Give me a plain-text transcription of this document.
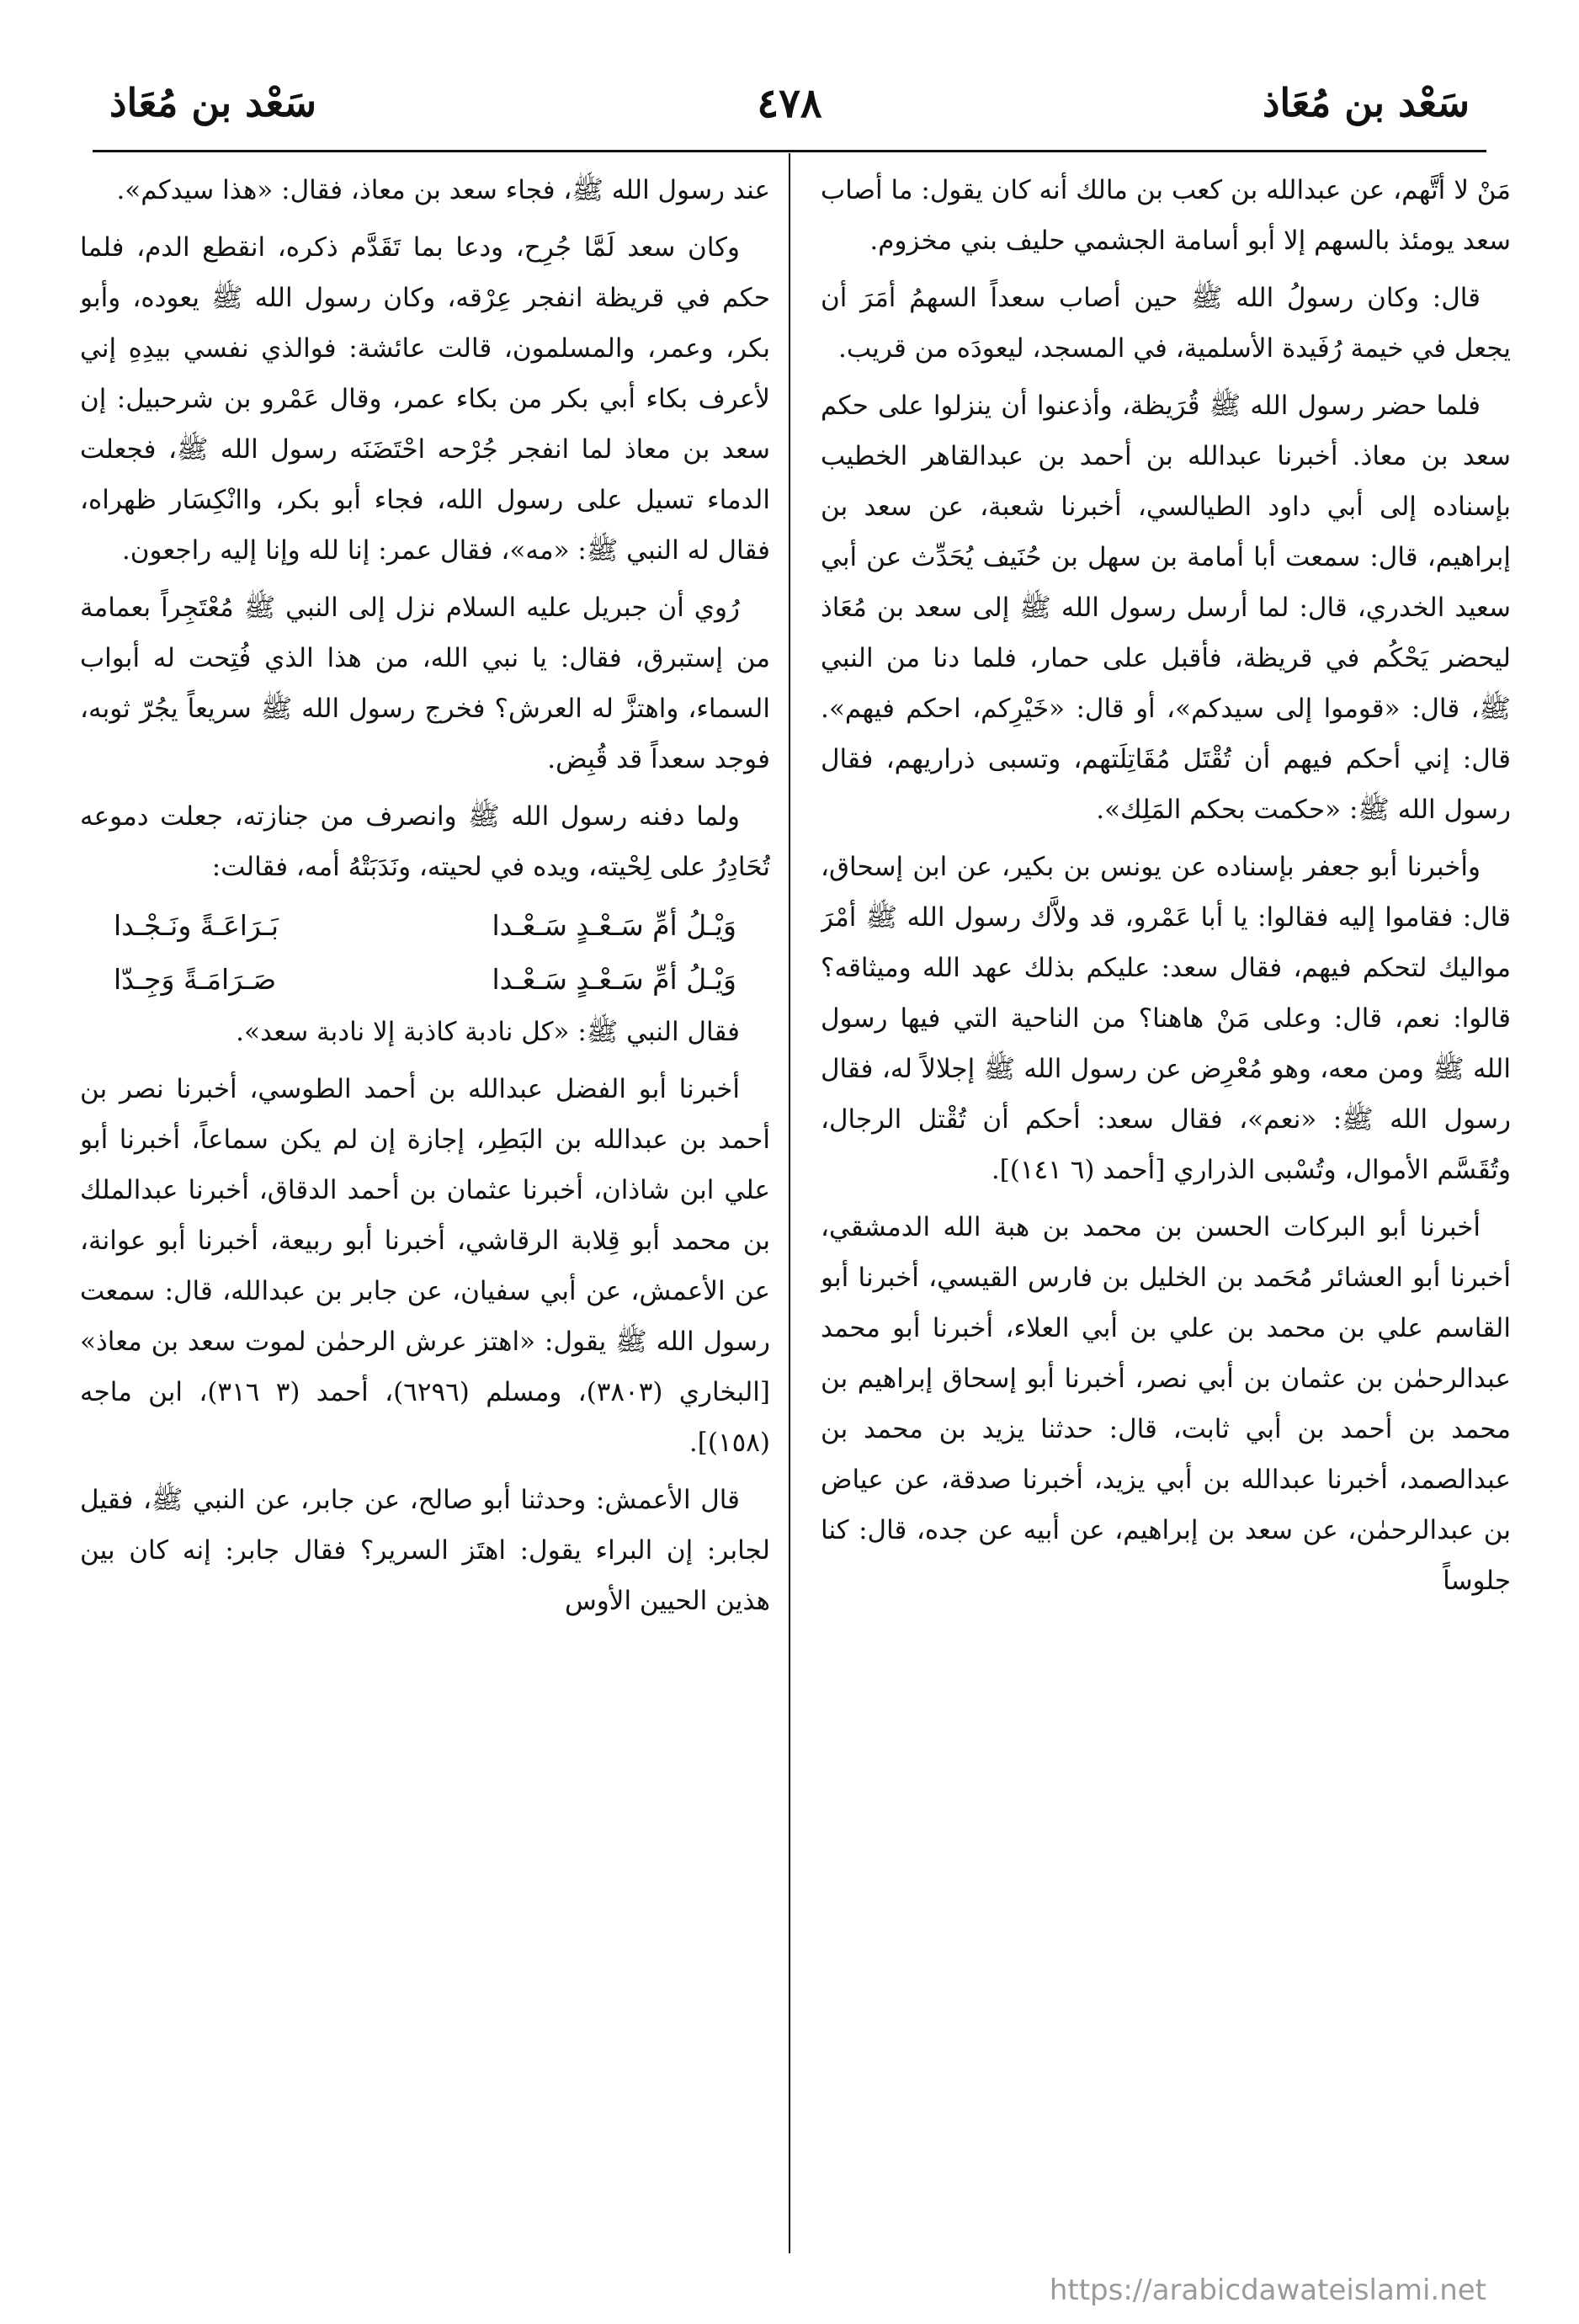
سَعْد بن مُعَاذ
٤٧٨
سَعْد بن مُعَاذ

مَنْ لا أتَّهم، عن عبدالله بن كعب بن مالك أنه كان يقول: ما أصاب سعد يومئذ بالسهم إلا أبو أسامة الجشمي حليف بني مخزوم.

قال: وكان رسولُ الله ﷺ حين أصاب سعداً السهمُ أمَرَ أن يجعل في خيمة رُفَيدة الأسلمية، في المسجد، ليعودَه من قريب.

فلما حضر رسول الله ﷺ قُرَيظة، وأذعنوا أن ينزلوا على حكم سعد بن معاذ. أخبرنا عبدالله بن أحمد بن عبدالقاهر الخطيب بإسناده إلى أبي داود الطيالسي، أخبرنا شعبة، عن سعد بن إبراهيم، قال: سمعت أبا أمامة بن سهل بن حُنَيف يُحَدِّث عن أبي سعيد الخدري، قال: لما أرسل رسول الله ﷺ إلى سعد بن مُعَاذ ليحضر يَحْكُم في قريظة، فأقبل على حمار، فلما دنا من النبي ﷺ، قال: «قوموا إلى سيدكم»، أو قال: «خَيْرِكم، احكم فيهم». قال: إني أحكم فيهم أن تُقْتَل مُقَاتِلَتهم، وتسبى ذراريهم، فقال رسول الله ﷺ: «حكمت بحكم المَلِك».

وأخبرنا أبو جعفر بإسناده عن يونس بن بكير، عن ابن إسحاق، قال: فقاموا إليه فقالوا: يا أبا عَمْرو، قد ولاَّك رسول الله ﷺ أمْرَ مواليك لتحكم فيهم، فقال سعد: عليكم بذلك عهد الله وميثاقه؟ قالوا: نعم، قال: وعلى مَنْ هاهنا؟ من الناحية التي فيها رسول الله ﷺ ومن معه، وهو مُعْرِض عن رسول الله ﷺ إجلالاً له، فقال رسول الله ﷺ: «نعم»، فقال سعد: أحكم أن تُقْتل الرجال، وتُقَسَّم الأموال، وتُسْبى الذراري [أحمد (٦ ١٤١)].

أخبرنا أبو البركات الحسن بن محمد بن هبة الله الدمشقي، أخبرنا أبو العشائر مُحَمد بن الخليل بن فارس القيسي، أخبرنا أبو القاسم علي بن محمد بن علي بن أبي العلاء، أخبرنا أبو محمد عبدالرحمٰن بن عثمان بن أبي نصر، أخبرنا أبو إسحاق إبراهيم بن محمد بن أحمد بن أبي ثابت، قال: حدثنا يزيد بن محمد بن عبدالصمد، أخبرنا عبدالله بن أبي يزيد، أخبرنا صدقة، عن عياض بن عبدالرحمٰن، عن سعد بن إبراهيم، عن أبيه عن جده، قال: كنا جلوساً

عند رسول الله ﷺ، فجاء سعد بن معاذ، فقال: «هذا سيدكم».

وكان سعد لَمَّا جُرِح، ودعا بما تَقَدَّم ذكره، انقطع الدم، فلما حكم في قريظة انفجر عِرْقه، وكان رسول الله ﷺ يعوده، وأبو بكر، وعمر، والمسلمون، قالت عائشة: فوالذي نفسي بيدِهِ إني لأعرف بكاء أبي بكر من بكاء عمر، وقال عَمْرو بن شرحبيل: إن سعد بن معاذ لما انفجر جُرْحه احْتَضَنَه رسول الله ﷺ، فجعلت الدماء تسيل على رسول الله، فجاء أبو بكر، واانْكِسَار ظهراه، فقال له النبي ﷺ: «مه»، فقال عمر: إنا لله وإنا إليه راجعون.

رُوي أن جبريل عليه السلام نزل إلى النبي ﷺ مُعْتَجِراً بعمامة من إستبرق، فقال: يا نبي الله، من هذا الذي فُتِحت له أبواب السماء، واهتزَّ له العرش؟ فخرج رسول الله ﷺ سريعاً يجُرّ ثوبه، فوجد سعداً قد قُبِض.

ولما دفنه رسول الله ﷺ وانصرف من جنازته، جعلت دموعه تُحَادِرُ على لِحْيته، ويده في لحيته، ونَدَبَتْهُ أمه، فقالت:

وَيْـلُ أمِّ سَـعْـدٍ سَـعْـدا
بَـرَاعَـةً ونَـجْـدا
وَيْـلُ أمِّ سَـعْـدٍ سَـعْـدا
صَـرَامَـةً وَجِـدّا

فقال النبي ﷺ: «كل نادبة كاذبة إلا نادبة سعد».

أخبرنا أبو الفضل عبدالله بن أحمد الطوسي، أخبرنا نصر بن أحمد بن عبدالله بن البَطِر، إجازة إن لم يكن سماعاً، أخبرنا أبو علي ابن شاذان، أخبرنا عثمان بن أحمد الدقاق، أخبرنا عبدالملك بن محمد أبو قِلابة الرقاشي، أخبرنا أبو ربيعة، أخبرنا أبو عوانة، عن الأعمش، عن أبي سفيان، عن جابر بن عبدالله، قال: سمعت رسول الله ﷺ يقول: «اهتز عرش الرحمٰن لموت سعد بن معاذ» [البخاري (٣٨٠٣)، ومسلم (٦٢٩٦)، أحمد (٣ ٣١٦)، ابن ماجه (١٥٨)].

قال الأعمش: وحدثنا أبو صالح، عن جابر، عن النبي ﷺ، فقيل لجابر: إن البراء يقول: اهتَز السرير؟ فقال جابر: إنه كان بين هذين الحيين الأوس

https://arabicdawateislami.net
